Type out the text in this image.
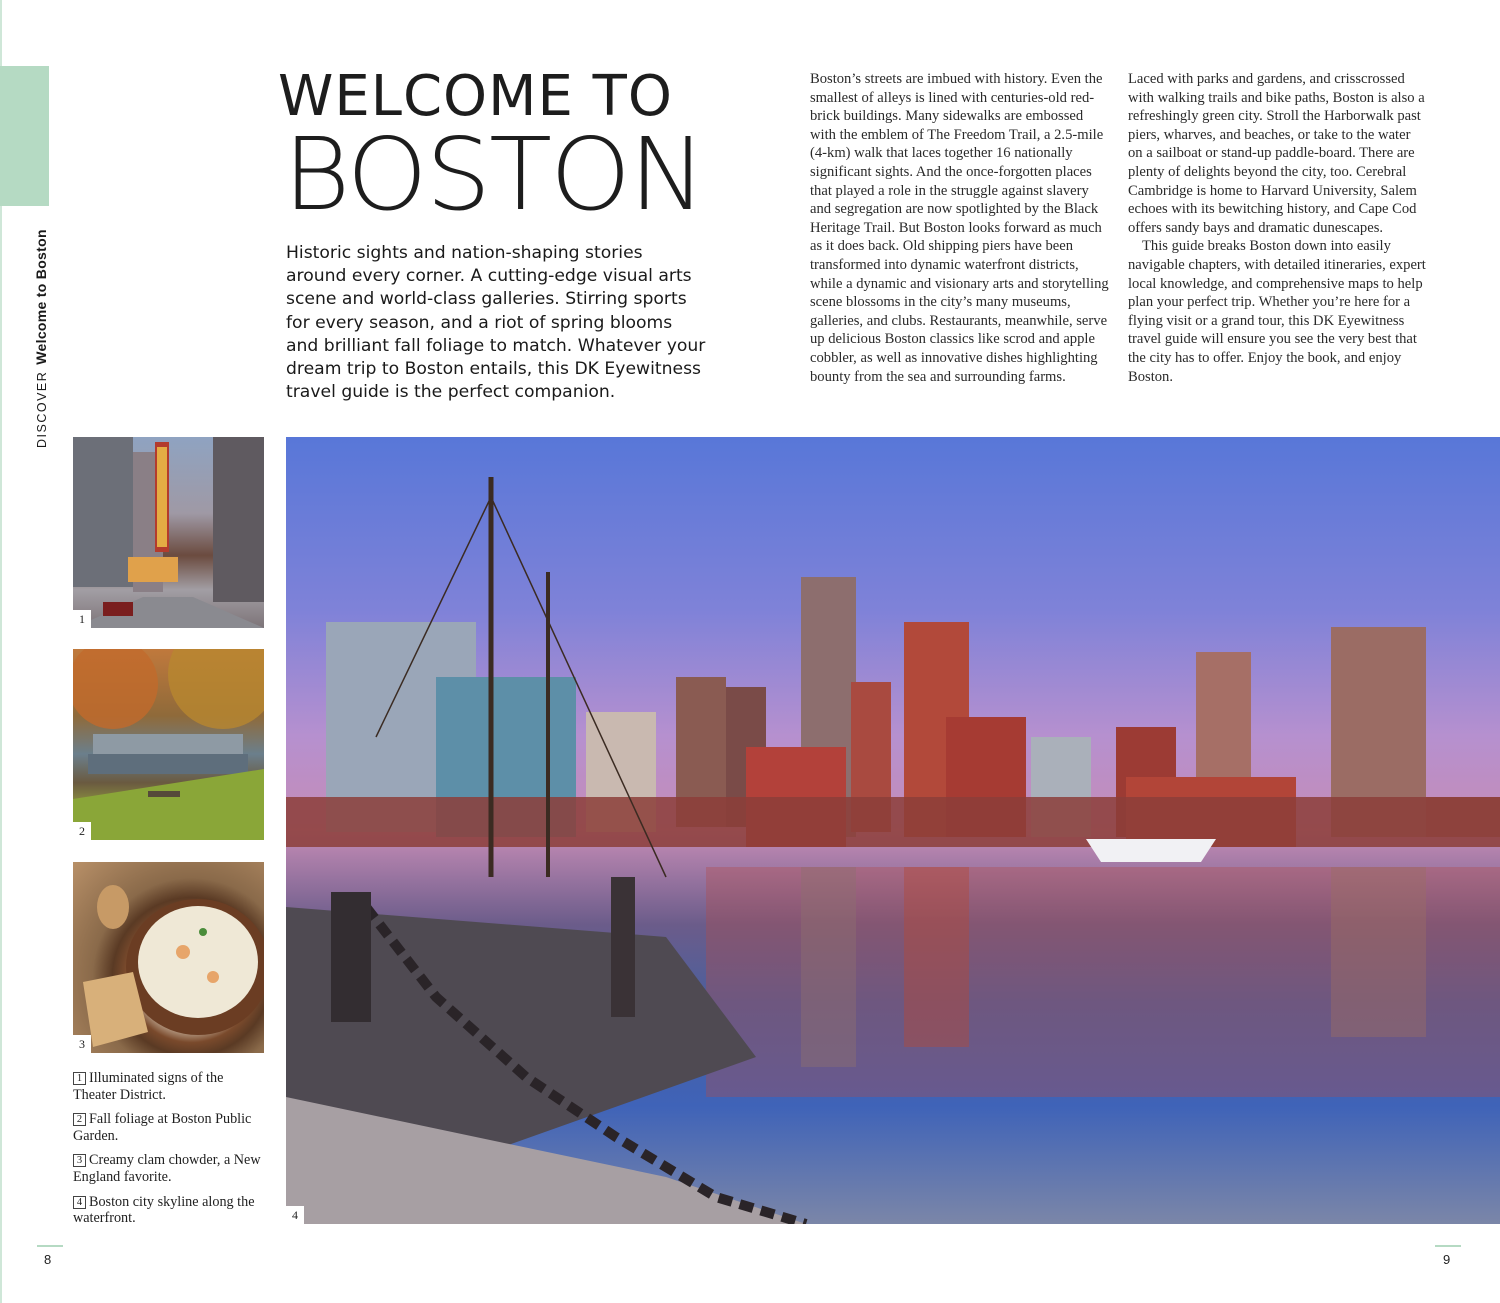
DISCOVERWelcome to Boston
WELCOME TO
BOSTON
Historic sights and nation-shaping stories around every corner. A cutting-edge visual arts scene and world-class galleries. Stirring sports for every season, and a riot of spring blooms and brilliant fall foliage to match. Whatever your dream trip to Boston entails, this DK Eyewitness travel guide is the perfect companion.

Boston’s streets are imbued with history. Even the smallest of alleys is lined with centuries-old red-brick buildings. Many sidewalks are embossed with the emblem of The Freedom Trail, a 2.5-mile (4-km) walk that laces together 16 nationally significant sights. And the once-forgotten places that played a role in the struggle against slavery and segregation are now spotlighted by the Black Heritage Trail. But Boston looks forward as much as it does back. Old shipping piers have been transformed into dynamic waterfront districts, while a dynamic and visionary arts and storytelling scene blossoms in the city’s many museums, galleries, and clubs. Restaurants, meanwhile, serve up delicious Boston classics like scrod and apple cobbler, as well as innovative dishes highlighting bounty from the sea and surrounding farms.

Laced with parks and gardens, and crisscrossed with walking trails and bike paths, Boston is also a refreshingly green city. Stroll the Harborwalk past piers, wharves, and beaches, or take to the water on a sailboat or stand-up paddle-board. There are plenty of delights beyond the city, too. Cerebral Cambridge is home to Harvard University, Salem echoes with its bewitching history, and Cape Cod offers sandy bays and dramatic dunescapes.

This guide breaks Boston down into easily navigable chapters, with detailed itineraries, expert local knowledge, and comprehensive maps to help plan your perfect trip. Whether you’re here for a flying visit or a grand tour, this DK Eyewitness travel guide will ensure you see the very best that the city has to offer. Enjoy the book, and enjoy Boston.

1
2
3
4

1 Illuminated signs of the Theater District.

2 Fall foliage at Boston Public Garden.

3 Creamy clam chowder, a New England favorite.

4 Boston city skyline along the waterfront.

8	9
